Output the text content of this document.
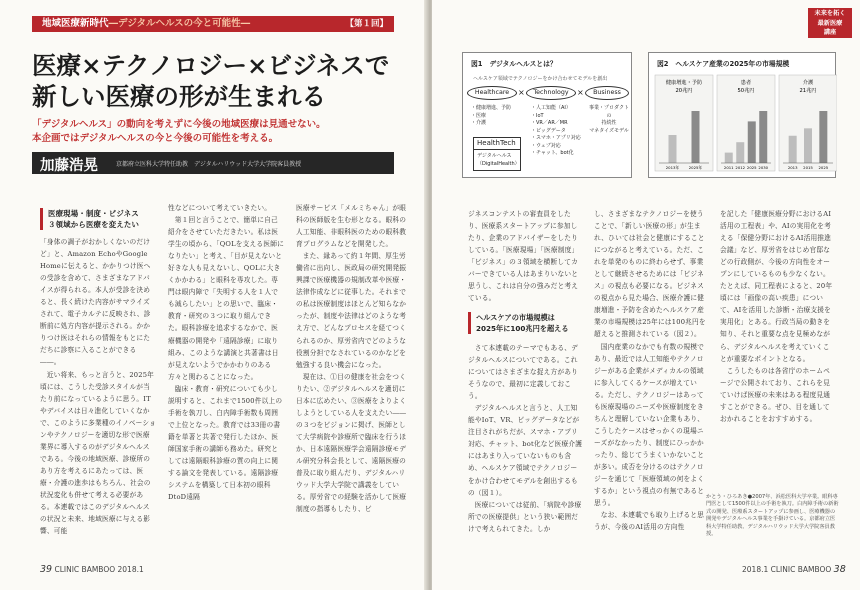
地域医療新時代―デジタルヘルスの今と可能性―	【第１回】
医療×テクノロジー×ビジネスで
新しい医療の形が生まれる
「デジタルヘルス」の動向を考えずに今後の地域医療は見通せない。
本企画ではデジタルヘルスの今と今後の可能性を考える。
加藤浩晃	京都府立医科大学特任助教　デジタルハリウッド大学大学院客員教授
医療現場・制度・ビジネス
３領域から医療を変えたい

「身体の調子がおかしくないのだけど」と、Amazon EchoやGoogle Homeに伝えると、かかりつけ医への受診を含めて、さまざまなアドバイスが得られる。本人が受診を決めると、長く続けた内容がサマライズされて、電子カルテに反映され、診断前に処方内容が提示される。かかりつけ医はそれらの情報をもとにただちに診察に入ることができる――。

近い将来、もっと言うと、2025年頃には、こうした受診スタイルが当たり前になっているように思う。ITやデバイスは日々進化していくなかで、このように多業種のイノベーションやテクノロジーを適切な形で医療業界に導入するのがデジタルヘルスである。今後の地域医療、診療所のあり方を考えるにあたっては、医療・介護の進歩はもちろん、社会の状況変化も併せて考える必要がある。本連載ではこのデジタルヘルスの状況と未来、地域医療に与える影響、可能

性などについて考えていきたい。

第１回と言うことで、簡単に自己紹介をさせていただきたい。私は医学生の頃から、「QOLを支える医師になりたい」と考え、「目が見えないと好きな人も見えないし、QOLに大きくかかわる」と眼科を専攻した。専門は眼内障で「失明する人を１人でも減らしたい」との思いで、臨床・教育・研究の３つに取り組んできた。眼科診療を追求するなかで、医療機器の開発や「遠隔診療」に取り組み、このような講演と共著書は日が見えないようでかかわりのある方々と関わることになった。

臨床・教育・研究についても少し説明すると、これまで1500件以上の手術を執刀し、白内障手術数も周囲で上位となった。教育では33冊の書籍を単著と共著で発行したほか、医師国家手術の講師も務めた。研究としては遠隔眼科診療の質の向上に関する論文を発表している。遠隔診療システムを構築して日本初の眼科DtoD遠隔

医療サービス「メルミちゃん」が眼科の医師版を生む形となる。眼科の人工知能、非眼科医のための眼科教育プログラムなどを開発した。

また、縁あって約１年間、厚生労働省に出向し、医政局の研究開発振興課で医療機器の規制改革や医療・法律作成などに従事した。それまでの私は医療制度はほとんど知らなかったが、制度や法律はどのような考え方で、どんなプロセスを経てつくられるのか、厚労省内でどのような役割分担でなされているのかなどを勉強する良い機会になった。

現在は、①目の健康を社会をつくりたい、②デジタルヘルスを適切に日本に広めたい、③医療をよりよくしようとしている人を支えたい――の３つをビジョンに掲げ、医師として大学病院や診療所で臨床を行うほか、日本遠隔医療学会遠隔診療モデル研究分科会長として、遠隔医療の普及に取り組んだり、デジタルハリウッド大学大学院で講義をしている。厚労省での経験を活かして医療制度の指導もしたり、ビ

39 CLINIC BAMBOO 2018.1
未来を拓く
最新医療
講座
図1　デジタルヘルスとは？
ヘルスケア領域でテクノロジーをかけ合わせてモデルを創出
Healthcare	×	Technology	×	Business
・健康増進、予防
・医療
・介護
・人工知能（AI）
・IoT
・VR／AR／MR
・ビッグデータ
・スマホ・アプリ対応
・ウェブ対応
・チャット、bot化
事業・プロダクトの
持続性
マネタイズモデル
HealthTech
デジタルヘルス（DigitalHealth）
図2　ヘルスケア産業の2025年の市場規模
健康増進・予防
20兆円
2013年	2025年
患者
50兆円
2011 2012 2025 2030
介護
21兆円
2013 2015 2025

ジネスコンテストの審査員をしたり、医療系スタートアップに参加したり、企業のアドバイザーをしたりしている。「医療現場」「医療制度」「ビジネス」の３領域を横断してカバーできている人はあまりいないと思うし、これは自分の強みだと考えている。

ヘルスケアの市場規模は
2025年に100兆円を超える

さて本連載のテーマでもある、デジタルヘルスについてである。これについてはさまざまな捉え方がありそうなので、最初に定義しておこう。

デジタルヘルスと言うと、人工知能やIoT、VR、ビッグデータなどが注目されがちだが、スマホ・アプリ対応、チャット、bot化など医療介護にはあまり入っていないものも含め、ヘルスケア領域でテクノロジーをかけ合わせてモデルを創出するもの（図１）。

医療については従前、「病院や診療所での医療提供」という狭い範囲だけで考えられてきた。しか

し、さまざまなテクノロジーを使うことで、「新しい医療の形」が生まれ、ひいては社会と健康にすることにつながると考えている。ただ、これを単発のものに終わらせず、事業として継続させるためには「ビジネス」の視点も必要になる。ビジネスの視点から見た場合、医療介護に健康増進・予防を含めたヘルスケア産業の市場規模は25年には100兆円を超えると推測されている（図２）。

国内産業のなかでも有数の規模であり、最近では人工知能やテクノロジーがある企業がメディカルの領域に参入してくるケースが増えている。ただし、テクノロジーはあっても医療現場のニーズや医療制度をきちんと理解していない企業もあり、こうしたケースはせっかくの現場ニーズがなかったり、制度にひっかかったり、総じてうまくいかないことが多い。成否を分けるのはテクノロジーを通じて「医療領域の何をよくするか」という視点の有無であると思う。

なお、本連載でも取り上げると思うが、今後のAI活用の方向性

を記した「健康医療分野におけるAI活用の工程表」や、AIの実用化を考える「保健分野におけるAI活用推進会議」など、厚労省をはじめ官邸などの行政側が、今後の方向性をオープンにしているものも少なくない。たとえば、同工程表によると、20年頃には「画像の高い疾患」について、AIを活用した診断・治療支援を実用化」とある。行政当局の動きを知り、それと重要な点を見極めながら、デジタルヘルスを考えていくことが重要なポイントとなる。

こうしたものは各省庁のホームページで公開されており、これらを見ていけば医療の未来はある程度見通すことができる。ぜひ、目を通しておかれることをおすすめする。

かとう・ひろあき●2007年、浜松医科大学卒業。眼科専門医として1500件以上の手術を執刀。白内障手術の新術式の開発、医療系スタートアップに参画し、医療機器の開発やデジタルヘルス事業を手掛けている。京都府立医科大学特任助教、デジタルハリウッド大学大学院客員教授。
2018.1 CLINIC BAMBOO 38
